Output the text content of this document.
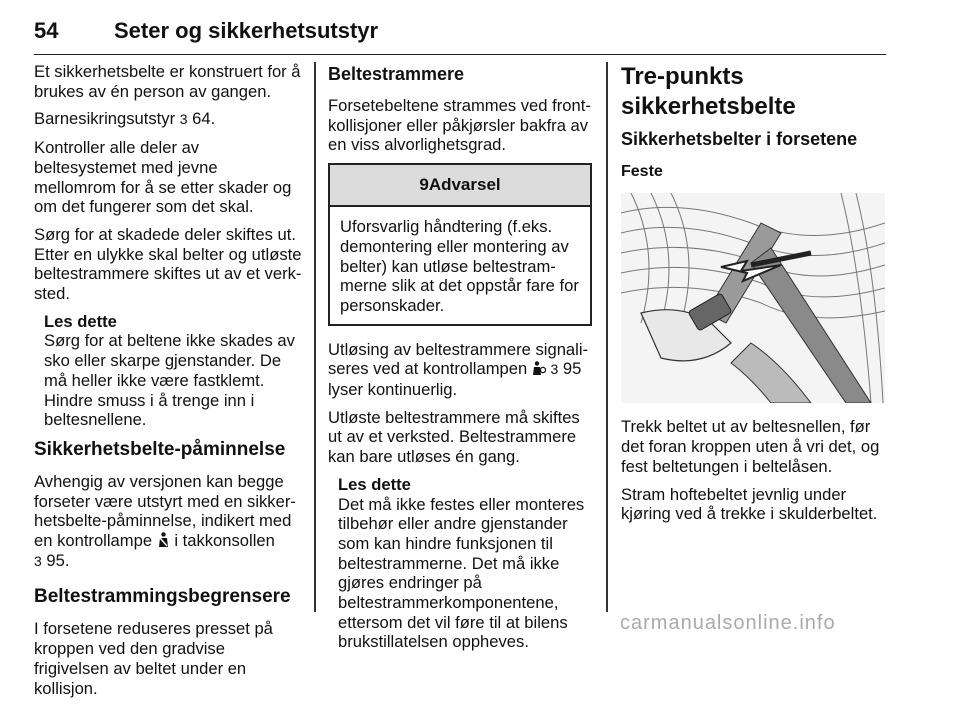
54	Seter og sikkerhetsutstyr

Et sikkerhetsbelte er konstruert for å brukes av én person av gangen.

Barnesikringsutstyr 3 64.

Kontroller alle deler av beltesystemet med jevne mellomrom for å se etter skader og om det fungerer som det skal.

Sørg for at skadede deler skiftes ut. Etter en ulykke skal belter og utløste beltestrammere skiftes ut av et verksted.

Les dette
Sørg for at beltene ikke skades av sko eller skarpe gjenstander. De må heller ikke være fastklemt. Hindre smuss i å trenge inn i beltesnellene.
Sikkerhetsbelte-påminnelse

Avhengig av versjonen kan begge forseter være utstyrt med en sikkerhetsbelte-påminnelse, indikert med en kontrollampe i takkonsollen
3 95.

Beltestrammingsbegrensere

I forsetene reduseres presset på kroppen ved den gradvise frigivelsen av beltet under en kollisjon.

Beltestrammere

Forsetebeltene strammes ved frontkollisjoner eller påkjørsler bakfra av en viss alvorlighetsgrad.

9Advarsel
Uforsvarlig håndtering (f.eks. demontering eller montering av belter) kan utløse beltestrammerne slik at det oppstår fare for personskader.

Utløsing av beltestrammere signaliseres ved at kontrollampen 3 95 lyser kontinuerlig.

Utløste beltestrammere må skiftes ut av et verksted. Beltestrammere kan bare utløses én gang.

Les dette
Det må ikke festes eller monteres tilbehør eller andre gjenstander som kan hindre funksjonen til beltestrammerne. Det må ikke gjøres endringer på beltestrammerkomponentene, ettersom det vil føre til at bilens brukstillatelsen oppheves.
Tre-punkts sikkerhetsbelte
Sikkerhetsbelter i forsetene
Feste

Trekk beltet ut av beltesnellen, før det foran kroppen uten å vri det, og fest beltetungen i beltelåsen.

Stram hoftebeltet jevnlig under kjøring ved å trekke i skulderbeltet.

carmanualsonline.info
